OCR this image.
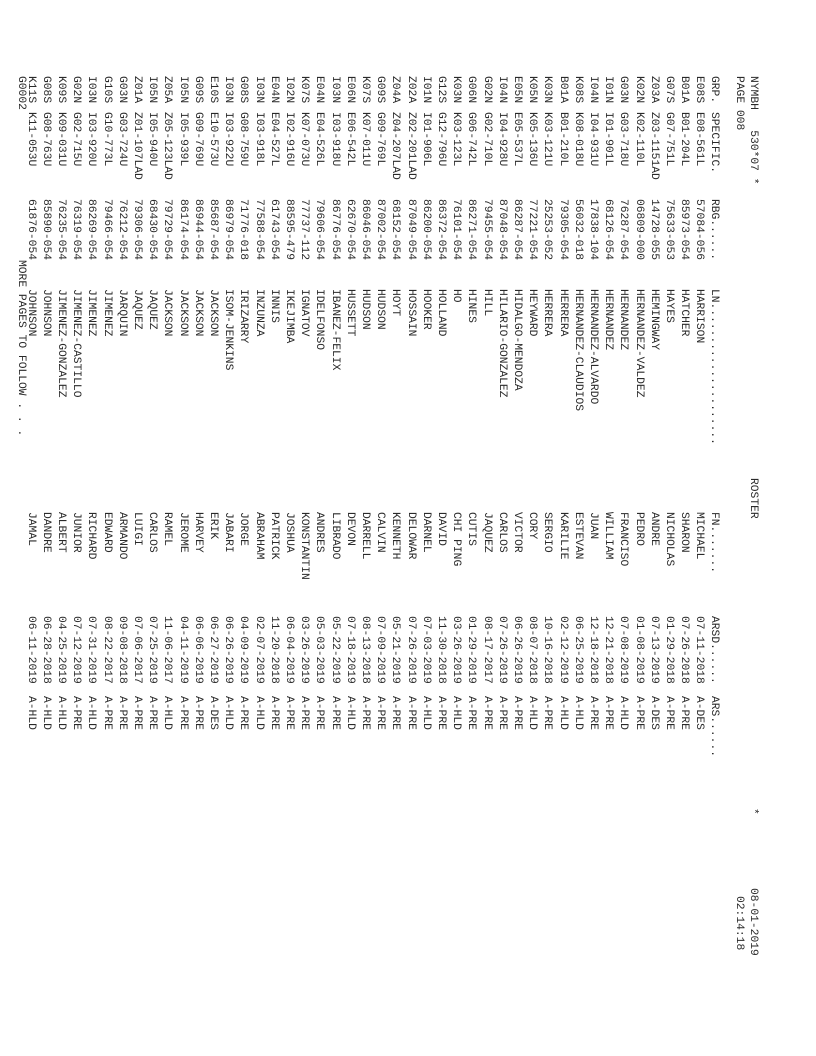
NYMBH   530*07 *
ROSTER
*
08-01-2019
PAGE 008
02:14:18
GRP.
SPECIFIC.
RBG......
LN.....................
FN.......
ARSD......
ARS......
E08S
E08-561L
57084-056
HARRISON
MICHAEL
07-11-2018
A-DES
B01A
B01-204L
85973-054
HATCHER
SHARON
07-26-2018
A-PRE
G07S
G07-751L
75633-053
HAYES
NICHOLAS
01-29-2018
A-PRE
Z03A
Z03-1151AD
14728-055
HEMINGWAY
ANDRE
07-13-2019
A-DES
K02N
K02-110L
06809-000
HERNANDEZ-VALDEZ
PEDRO
01-08-2019
A-PRE
G03N
G03-718U
76287-054
HERNANDEZ
FRANCISO
07-08-2019
A-HLD
I01N
I01-901L
68126-054
HERNANDEZ
WILLIAM
12-21-2018
A-PRE
I04N
I04-931U
17838-104
HERNANDEZ-ALVARDO
JUAN
12-18-2018
A-PRE
K08S
K08-018U
56032-018
HERNANDEZ-CLAUDIOS
ESTEVAN
06-25-2019
A-HLD
B01A
B01-210L
79305-054
HERRERA
KARILIE
02-12-2019
A-HLD
K03N
K03-121U
25253-052
HERRERA
SERGIO
10-16-2018
A-PRE
K05N
K05-136U
77221-054
HEYWARD
CORY
08-07-2018
A-HLD
E05N
E05-537L
86287-054
HIDALGO-MENDOZA
VICTOR
06-26-2019
A-PRE
I04N
I04-928U
87048-054
HILARIO-GONZALEZ
CARLOS
07-26-2019
A-PRE
G02N
G02-710L
79455-054
HILL
JAQUEZ
08-17-2017
A-PRE
G06N
G06-742L
86271-054
HINES
CUTIS
01-29-2019
A-PRE
K03N
K03-123L
76101-054
HO
CHI PING
03-26-2019
A-HLD
G12S
G12-796U
86372-054
HOLLAND
DAVID
11-30-2018
A-PRE
I01N
I01-906L
86200-054
HOOKER
DARNEL
07-03-2019
A-HLD
Z02A
Z02-201LAD
87049-054
HOSSAIN
DELOWAR
07-26-2019
A-PRE
Z04A
Z04-207LAD
68152-054
HOYT
KENNETH
05-21-2019
A-PRE
G09S
G09-769L
87002-054
HUDSON
CALVIN
07-09-2019
A-PRE
K07S
K07-011U
86046-054
HUDSON
DARRELL
08-13-2018
A-PRE
E06N
E06-542L
62670-054
HUSSETT
DEVON
07-18-2019
A-HLD
I03N
I03-918U
86776-054
IBANEZ-FELIX
LIBRADO
05-22-2019
A-PRE
E04N
E04-526L
79606-054
IDELFONSO
ANDRES
05-03-2019
A-PRE
K07S
K07-073U
77737-112
IGNATOV
KONSTANTIN
03-26-2019
A-PRE
I02N
I02-916U
88595-479
IKEJIMBA
JOSHUA
06-04-2019
A-PRE
E04N
E04-527L
61743-054
INNIS
PATRICK
11-20-2018
A-PRE
I03N
I03-918L
77588-054
INZUNZA
ABRAHAM
02-07-2019
A-HLD
G08S
G08-759U
71776-018
IRIZARRY
JORGE
04-09-2019
A-PRE
I03N
I03-922U
86979-054
ISOM-JENKINS
JABARI
06-26-2019
A-HLD
E10S
E10-573U
85687-054
JACKSON
ERIK
06-27-2019
A-DES
G09S
G09-769U
86944-054
JACKSON
HARVEY
06-06-2019
A-PRE
I05N
I05-939L
86174-054
JACKSON
JEROME
04-11-2019
A-PRE
Z05A
Z05-123LAD
79729-054
JACKSON
RAMEL
11-06-2017
A-HLD
I05N
I05-940U
68430-054
JAQUEZ
CARLOS
07-25-2019
A-PRE
Z01A
Z01-107LAD
79306-054
JAQUEZ
LUIGI
07-06-2017
A-PRE
G03N
G03-724U
76212-054
JARQUIN
ARMANDO
09-08-2018
A-PRE
G10S
G10-773L
79466-054
JIMENEZ
EDWARD
08-22-2017
A-PRE
I03N
I03-920U
86269-054
JIMENEZ
RICHARD
07-31-2019
A-HLD
G02N
G02-715U
76319-054
JIMENEZ-CASTILLO
JUNIOR
07-12-2019
A-PRE
K09S
K09-031U
76235-054
JIMENEZ-GONZALEZ
ALBERT
04-25-2019
A-HLD
G08S
G08-763U
85890-054
JOHNSON
DANDRE
06-28-2018
A-HLD
K11S
K11-053U
61876-054
JOHNSON
JAMAL
06-11-2019
A-HLD
G0002
MORE PAGES TO FOLLOW . . .
